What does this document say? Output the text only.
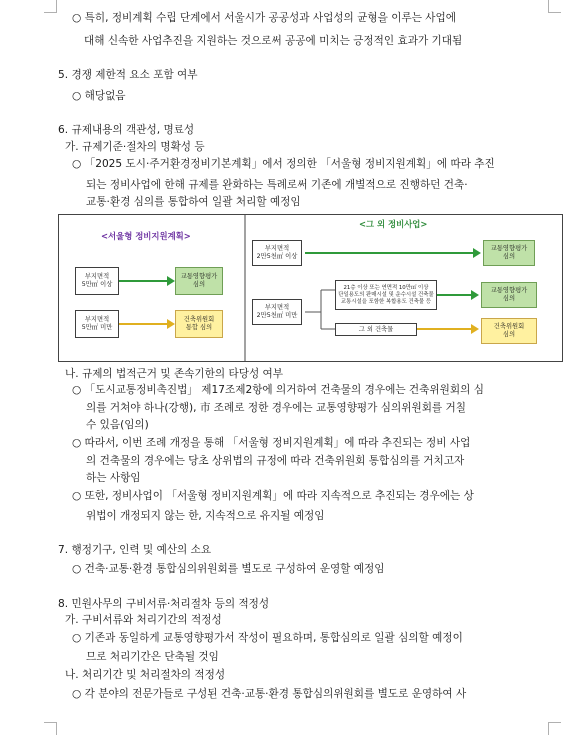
○ 특히, 정비계획 수립 단계에서 서울시가 공공성과 사업성의 균형을 이루는 사업에
대해 신속한 사업추진을 지원하는 것으로써 공공에 미치는 긍정적인 효과가 기대됨
5. 경쟁 제한적 요소 포함 여부
○ 해당없음
6. 규제내용의 객관성, 명료성
가. 규제기준·절차의 명확성 등
○ 「2025 도시·주거환경정비기본계획」에서 정의한 「서울형 정비지원계획」에 따라 추진
되는 정비사업에 한해 규제를 완화하는 특례로써 기존에 개별적으로 진행하던 건축·
교통·환경 심의를 통합하여 일괄 처리할 예정임
나. 규제의 법적근거 및 존속기한의 타당성 여부
○ 「도시교통정비촉진법」 제17조제2항에 의거하여 건축물의 경우에는 건축위원회의 심
의를 거쳐야 하나(강행), 市 조례로 정한 경우에는 교통영향평가 심의위원회를 거칠
수 있음(임의)
○ 따라서, 이번 조례 개정을 통해 「서울형 정비지원계획」에 따라 추진되는 정비 사업
의 건축물의 경우에는 당초 상위법의 규정에 따라 건축위원회 통합심의를 거치고자
하는 사항임
○ 또한, 정비사업이 「서울형 정비지원계획」에 따라 지속적으로 추진되는 경우에는 상
위법이 개정되지 않는 한, 지속적으로 유지될 예정임
7. 행정기구, 인력 및 예산의 소요
○ 건축·교통·환경 통합심의위원회를 별도로 구성하여 운영할 예정임
8. 민원사무의 구비서류·처리절차 등의 적정성
가. 구비서류와 처리기간의 적정성
○ 기존과 동일하게 교통영향평가서 작성이 필요하며, 통합심의로 일괄 심의할 예정이
므로 처리기간은 단축될 것임
나. 처리기간 및 처리절차의 적정성
○ 각 분야의 전문가들로 구성된 건축·교통·환경 통합심의위원회를 별도로 운영하여 사
<서울형 정비지원계획>
<그 외 정비사업>
부지면적
5만㎡ 이상
교통영향평가
심의
부지면적
5만㎡ 미만
건축위원회
통합 심의
부지면적
2만5천㎡ 이상
교통영향평가
심의
부지면적
2만5천㎡ 미만
21층 이상 또는 연면적 10만㎡ 이상
단일용도의 판매시설 및 운수시설 건축물
교통시설을 포함한 복합용도 건축물 등
교통영향평가
심의
그 외 건축물	건축위원회
심의
